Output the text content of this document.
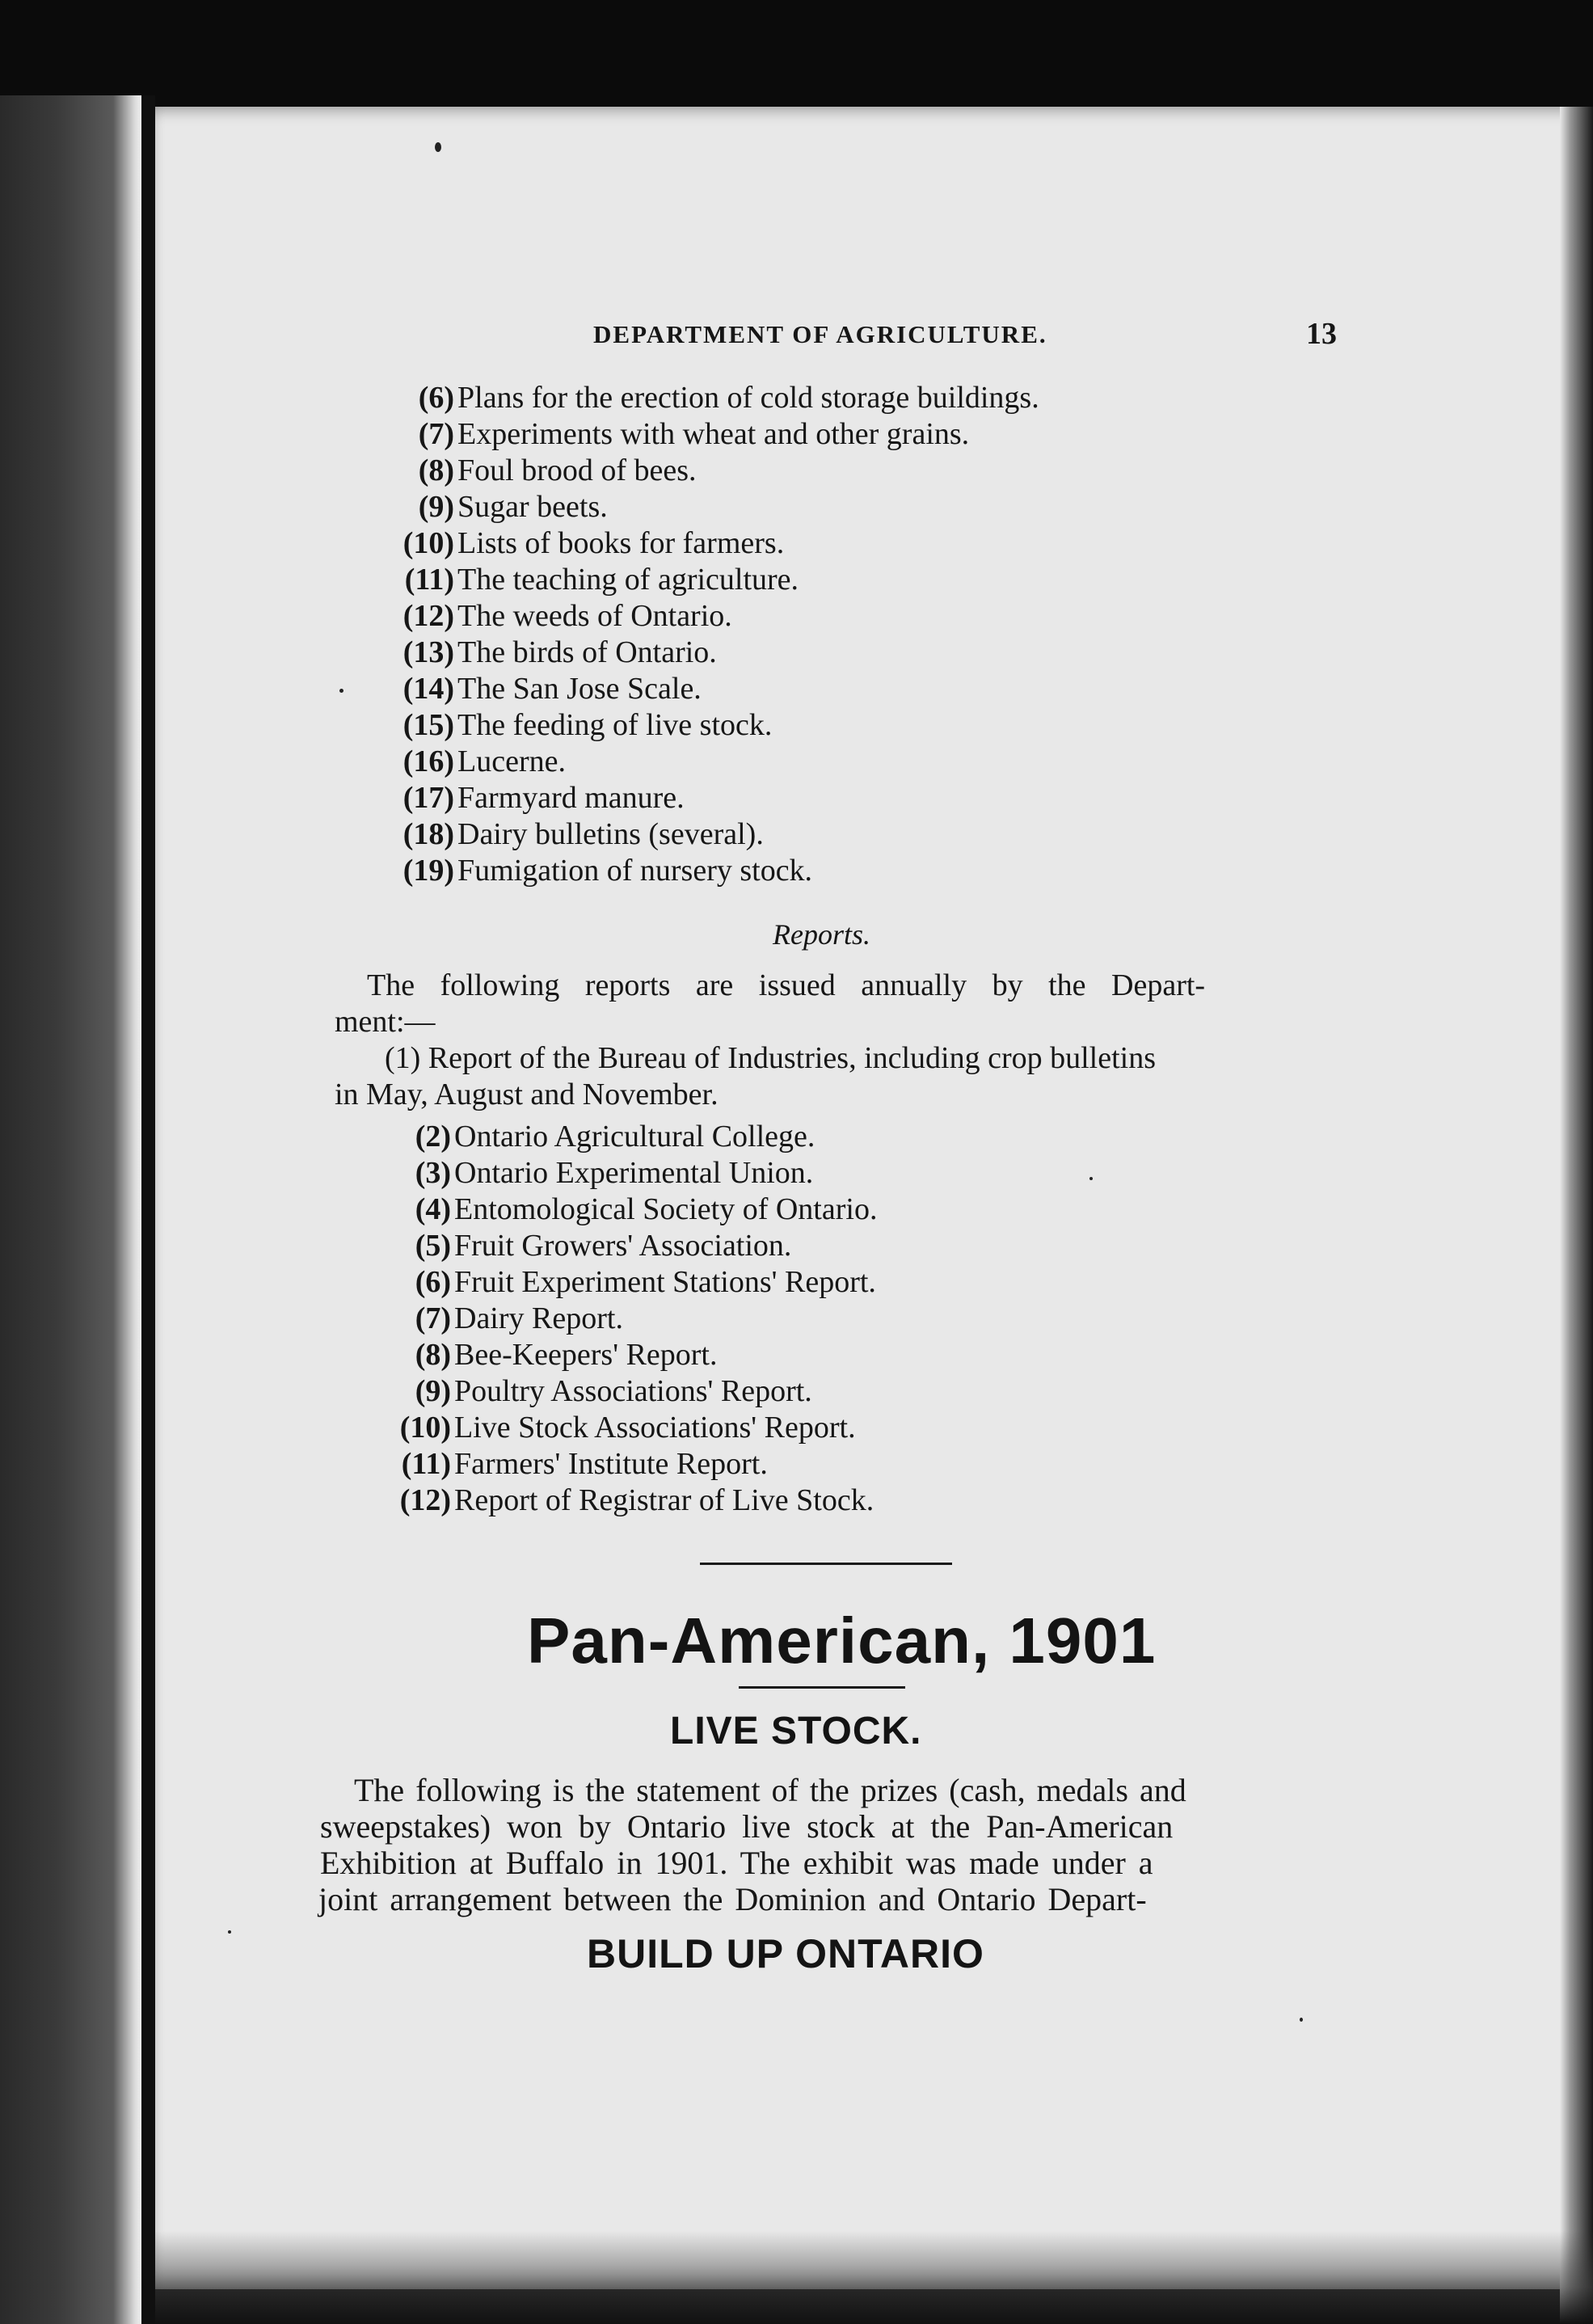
DEPARTMENT OF AGRICULTURE.	13
(6) Plans for the erection of cold storage buildings.
(7) Experiments with wheat and other grains.
(8) Foul brood of bees.
(9) Sugar beets.
(10) Lists of books for farmers.
(11) The teaching of agriculture.
(12) The weeds of Ontario.
(13) The birds of Ontario.
(14) The San Jose Scale.
(15) The feeding of live stock.
(16) Lucerne.
(17) Farmyard manure.
(18) Dairy bulletins (several).
(19) Fumigation of nursery stock.
Reports.
The following reports are issued annually by the Depart-
ment:—
(1) Report of the Bureau of Industries, including crop bulletins
in May, August and November.
(2) Ontario Agricultural College.
(3) Ontario Experimental Union.
(4) Entomological Society of Ontario.
(5) Fruit Growers' Association.
(6) Fruit Experiment Stations' Report.
(7) Dairy Report.
(8) Bee-Keepers' Report.
(9) Poultry Associations' Report.
(10) Live Stock Associations' Report.
(11) Farmers' Institute Report.
(12) Report of Registrar of Live Stock.
Pan-American, 1901
LIVE STOCK.
The following is the statement of the prizes (cash, medals and
sweepstakes) won by Ontario live stock at the Pan-American
Exhibition at Buffalo in 1901. The exhibit was made under a
joint arrangement between the Dominion and Ontario Depart-
BUILD UP ONTARIO
